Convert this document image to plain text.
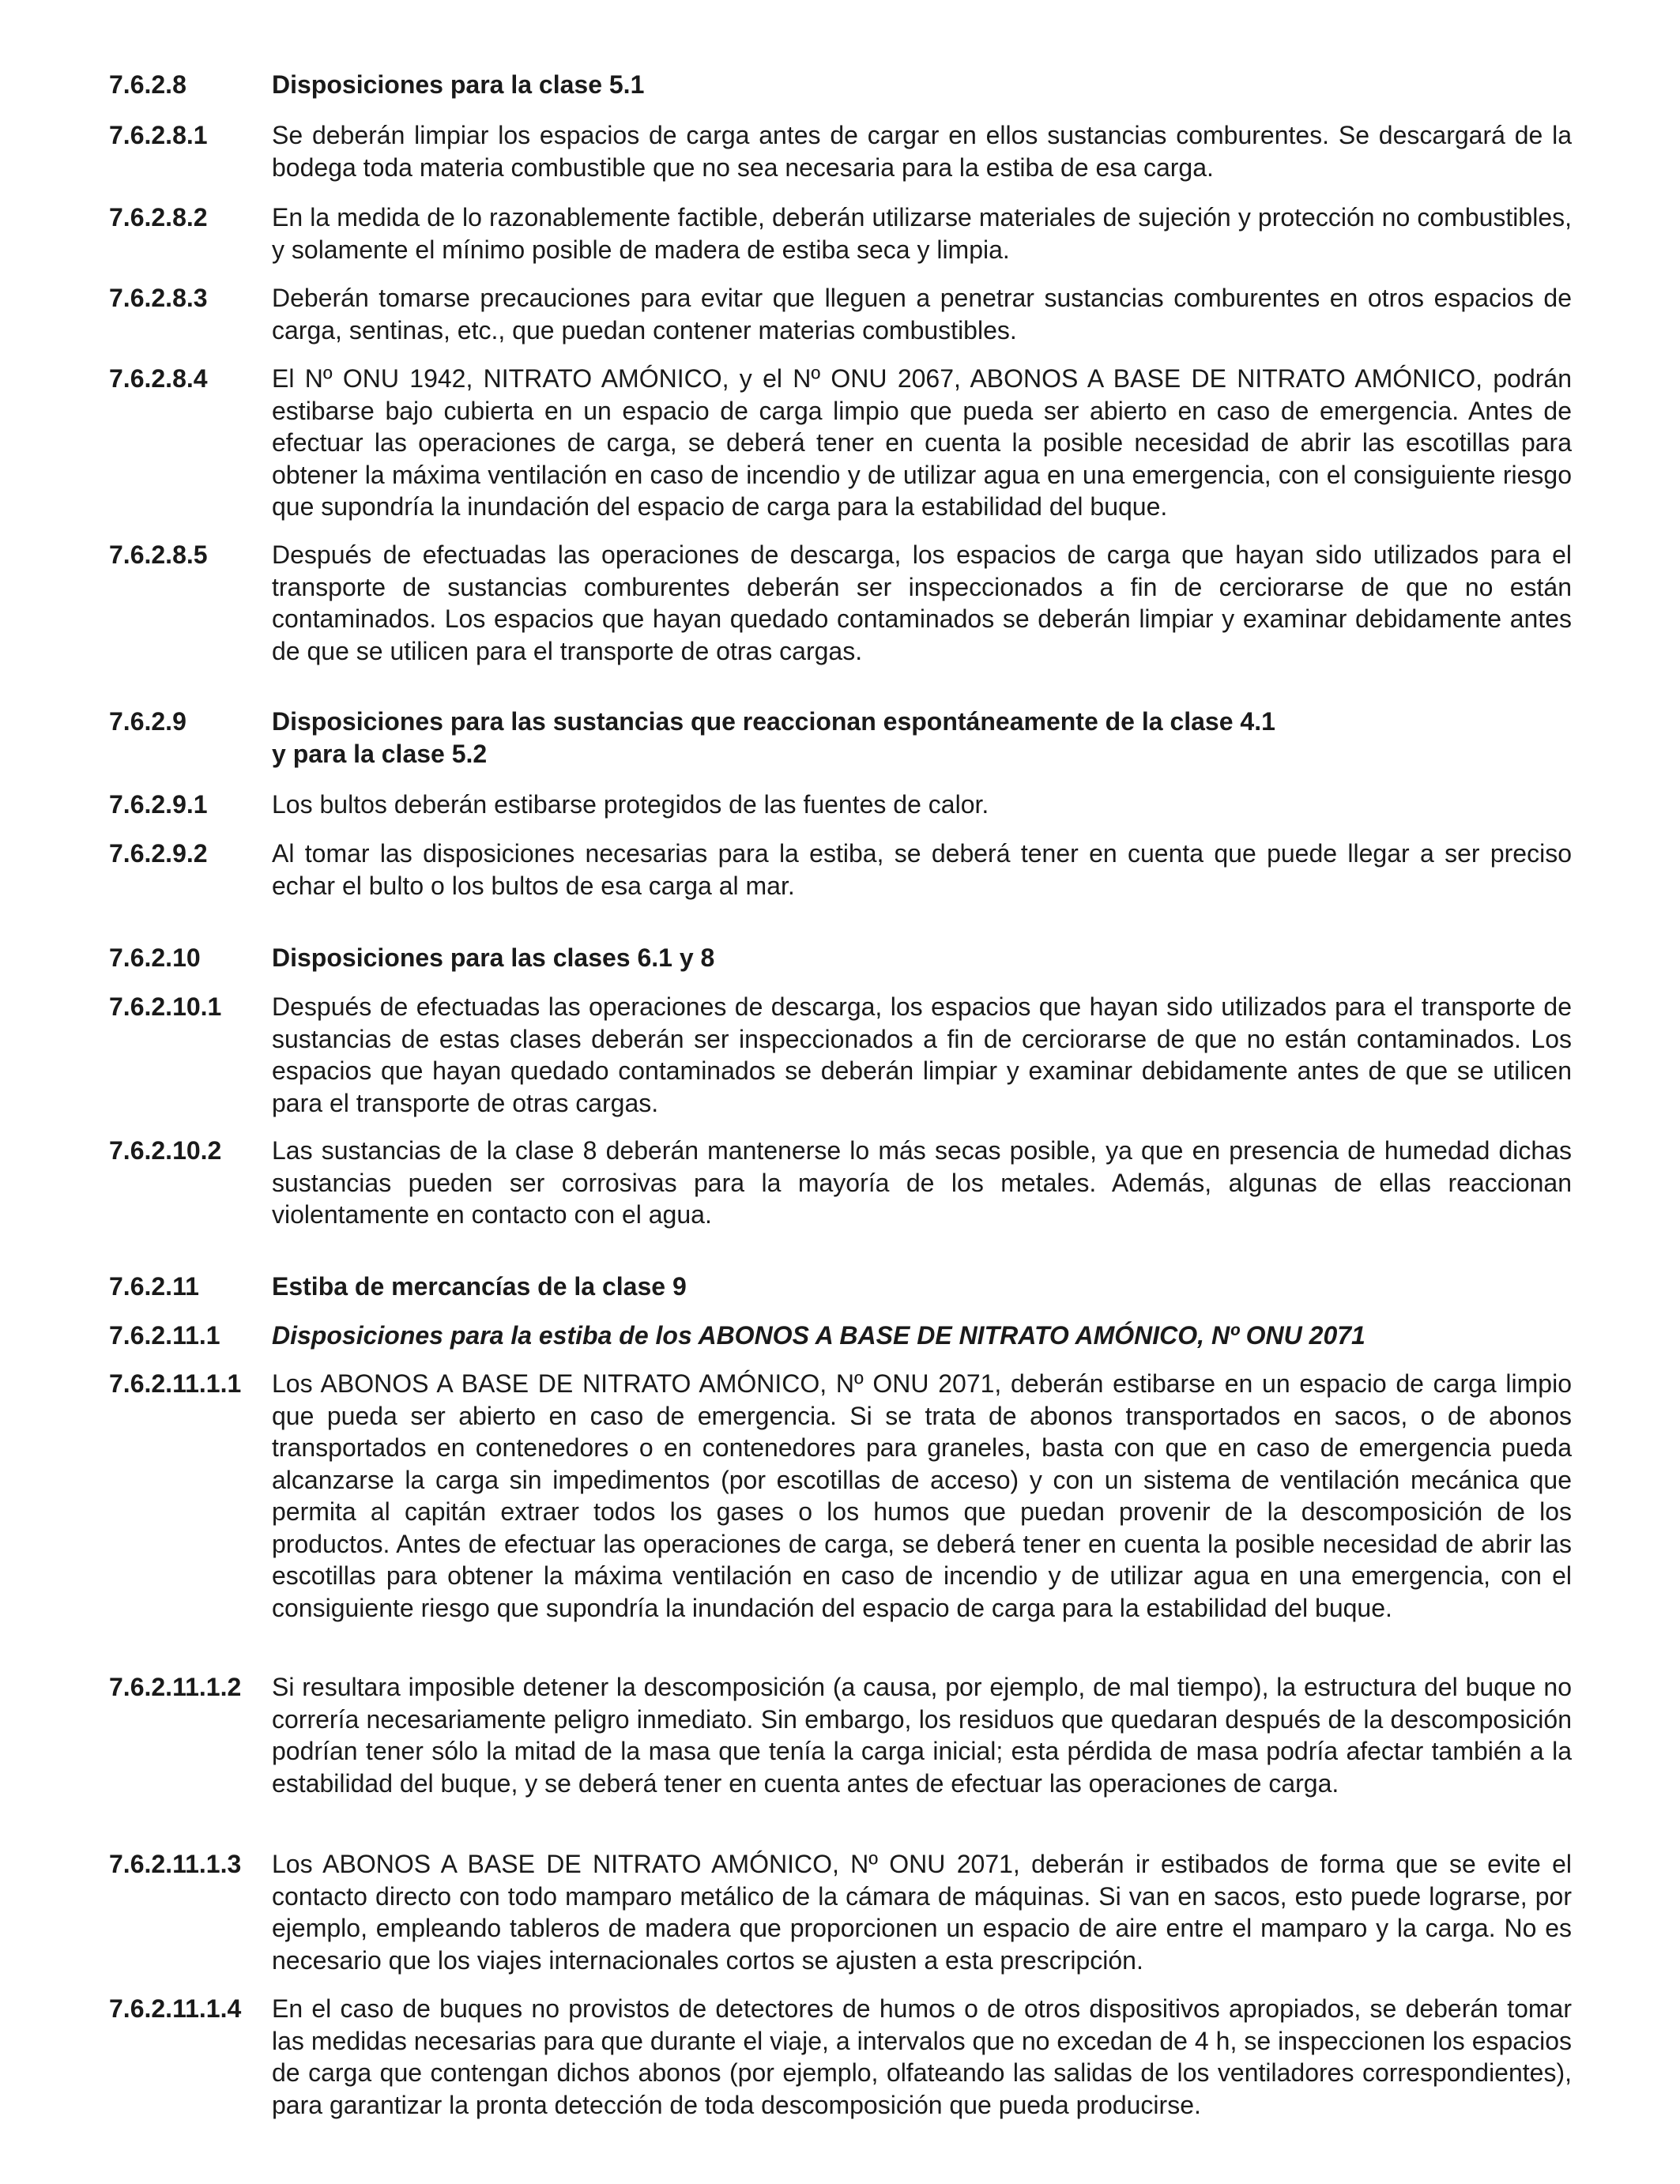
7.6.2.8	Disposiciones para la clase 5.1
7.6.2.8.1	Se deberán limpiar los espacios de carga antes de cargar en ellos sustancias comburentes. Se descargará de la bodega toda materia combustible que no sea necesaria para la estiba de esa carga.
7.6.2.8.2	En la medida de lo razonablemente factible, deberán utilizarse materiales de sujeción y protección no combustibles, y solamente el mínimo posible de madera de estiba seca y limpia.
7.6.2.8.3	Deberán tomarse precauciones para evitar que lleguen a penetrar sustancias comburentes en otros espacios de carga, sentinas, etc., que puedan contener materias combustibles.
7.6.2.8.4	El Nº ONU 1942, NITRATO AMÓNICO, y el Nº ONU 2067, ABONOS A BASE DE NITRATO AMÓNICO, podrán estibarse bajo cubierta en un espacio de carga limpio que pueda ser abierto en caso de emergencia. Antes de efectuar las operaciones de carga, se deberá tener en cuenta la posible necesidad de abrir las escotillas para obtener la máxima ventilación en caso de incendio y de utilizar agua en una emergencia, con el consiguiente riesgo que supondría la inundación del espacio de carga para la estabilidad del buque.
7.6.2.8.5	Después de efectuadas las operaciones de descarga, los espacios de carga que hayan sido utilizados para el transporte de sustancias comburentes deberán ser inspeccionados a fin de cerciorarse de que no están contaminados. Los espacios que hayan quedado contaminados se deberán limpiar y examinar debidamente antes de que se utilicen para el transporte de otras cargas.
7.6.2.9	Disposiciones para las sustancias que reaccionan espontáneamente de la clase 4.1
y para la clase 5.2
7.6.2.9.1	Los bultos deberán estibarse protegidos de las fuentes de calor.
7.6.2.9.2	Al tomar las disposiciones necesarias para la estiba, se deberá tener en cuenta que puede llegar a ser preciso echar el bulto o los bultos de esa carga al mar.
7.6.2.10	Disposiciones para las clases 6.1 y 8
7.6.2.10.1	Después de efectuadas las operaciones de descarga, los espacios que hayan sido utilizados para el transporte de sustancias de estas clases deberán ser inspeccionados a fin de cerciorarse de que no están contaminados. Los espacios que hayan quedado contaminados se deberán limpiar y examinar debidamente antes de que se utilicen para el transporte de otras cargas.
7.6.2.10.2	Las sustancias de la clase 8 deberán mantenerse lo más secas posible, ya que en presencia de humedad dichas sustancias pueden ser corrosivas para la mayoría de los metales. Además, algunas de ellas reaccionan violentamente en contacto con el agua.
7.6.2.11	Estiba de mercancías de la clase 9
7.6.2.11.1	Disposiciones para la estiba de los ABONOS A BASE DE NITRATO AMÓNICO, Nº ONU 2071
7.6.2.11.1.1	Los ABONOS A BASE DE NITRATO AMÓNICO, Nº ONU 2071, deberán estibarse en un espacio de carga limpio que pueda ser abierto en caso de emergencia. Si se trata de abonos transportados en sacos, o de abonos transportados en contenedores o en contenedores para graneles, basta con que en caso de emergencia pueda alcanzarse la carga sin impedimentos (por escotillas de acceso) y con un sistema de ventilación mecánica que permita al capitán extraer todos los gases o los humos que puedan provenir de la descomposición de los productos. Antes de efectuar las operaciones de carga, se deberá tener en cuenta la posible necesidad de abrir las escotillas para obtener la máxima ventilación en caso de incendio y de utilizar agua en una emergencia, con el consiguiente riesgo que supondría la inundación del espacio de carga para la estabilidad del buque.
7.6.2.11.1.2	Si resultara imposible detener la descomposición (a causa, por ejemplo, de mal tiempo), la estructura del buque no correría necesariamente peligro inmediato. Sin embargo, los residuos que quedaran después de la descomposición podrían tener sólo la mitad de la masa que tenía la carga inicial; esta pérdida de masa podría afectar también a la estabilidad del buque, y se deberá tener en cuenta antes de efectuar las operaciones de carga.
7.6.2.11.1.3	Los ABONOS A BASE DE NITRATO AMÓNICO, Nº ONU 2071, deberán ir estibados de forma que se evite el contacto directo con todo mamparo metálico de la cámara de máquinas. Si van en sacos, esto puede lograrse, por ejemplo, empleando tableros de madera que proporcionen un espacio de aire entre el mamparo y la carga. No es necesario que los viajes internacionales cortos se ajusten a esta prescripción.
7.6.2.11.1.4	En el caso de buques no provistos de detectores de humos o de otros dispositivos apropiados, se deberán tomar las medidas necesarias para que durante el viaje, a intervalos que no excedan de 4 h, se inspeccionen los espacios de carga que contengan dichos abonos (por ejemplo, olfateando las salidas de los ventiladores correspondientes), para garantizar la pronta detección de toda descomposición que pueda producirse.
